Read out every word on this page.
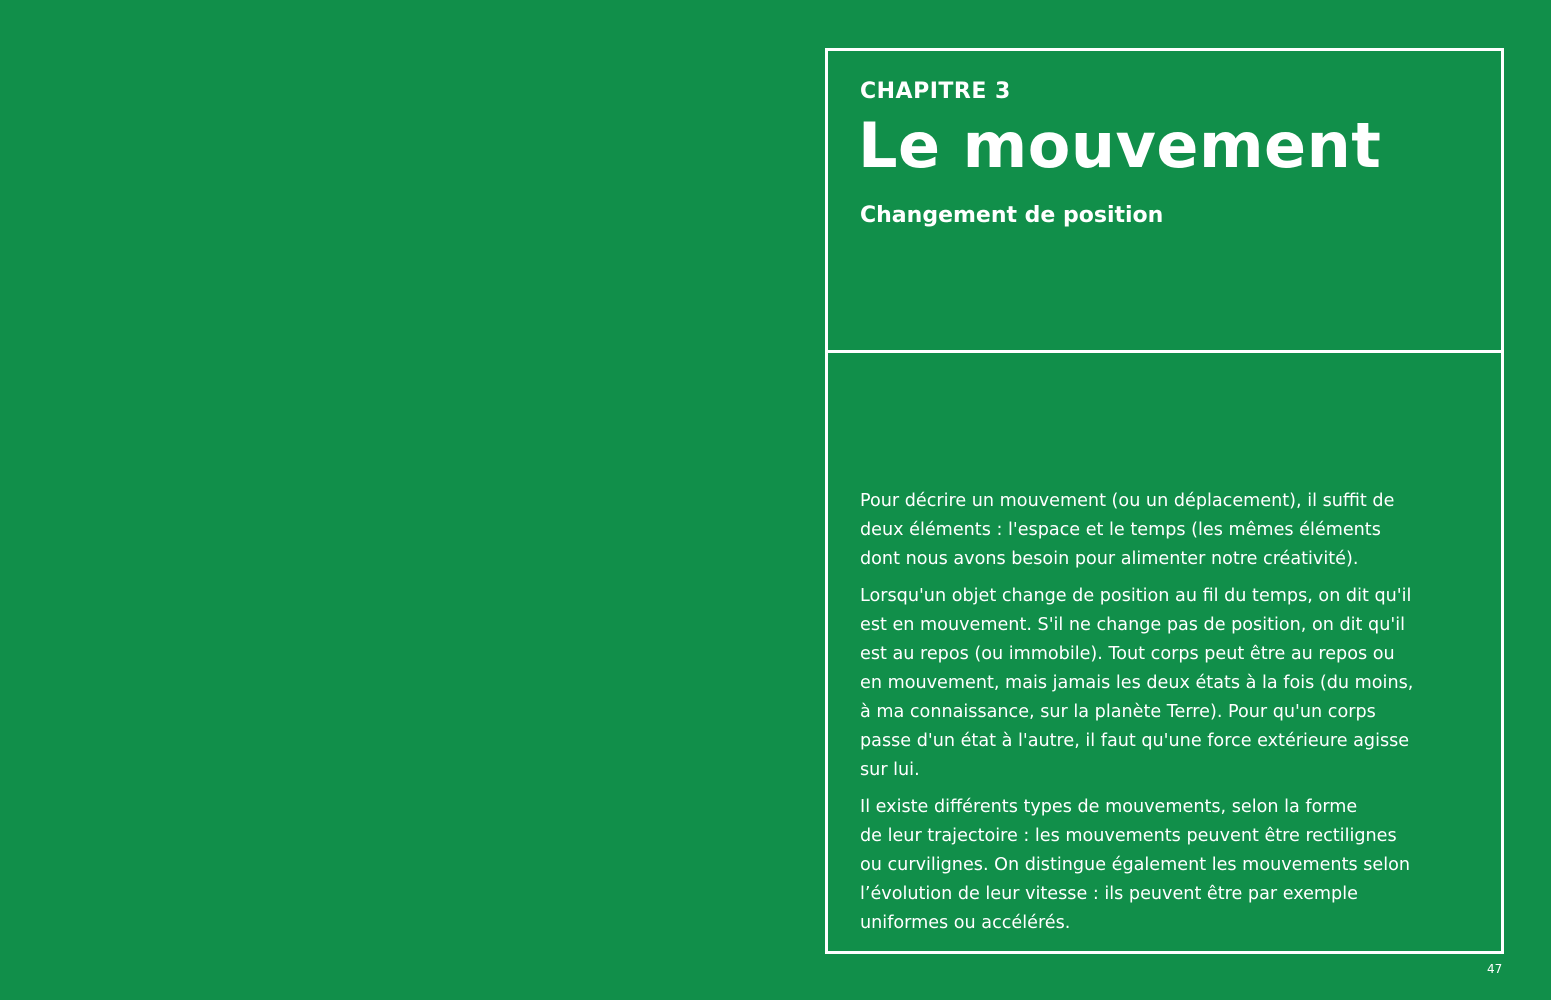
CHAPITRE 3
Le mouvement
Changement de position

Pour décrire un mouvement (ou un déplacement), il suffit de
deux éléments : l'espace et le temps (les mêmes éléments
dont nous avons besoin pour alimenter notre créativité).

Lorsqu'un objet change de position au fil du temps, on dit qu'il
est en mouvement. S'il ne change pas de position, on dit qu'il
est au repos (ou immobile). Tout corps peut être au repos ou
en mouvement, mais jamais les deux états à la fois (du moins,
à ma connaissance, sur la planète Terre). Pour qu'un corps
passe d'un état à l'autre, il faut qu'une force extérieure agisse
sur lui.

Il existe différents types de mouvements, selon la forme
de leur trajectoire : les mouvements peuvent être rectilignes
ou curvilignes. On distingue également les mouvements selon
l’évolution de leur vitesse : ils peuvent être par exemple
uniformes ou accélérés.

47
